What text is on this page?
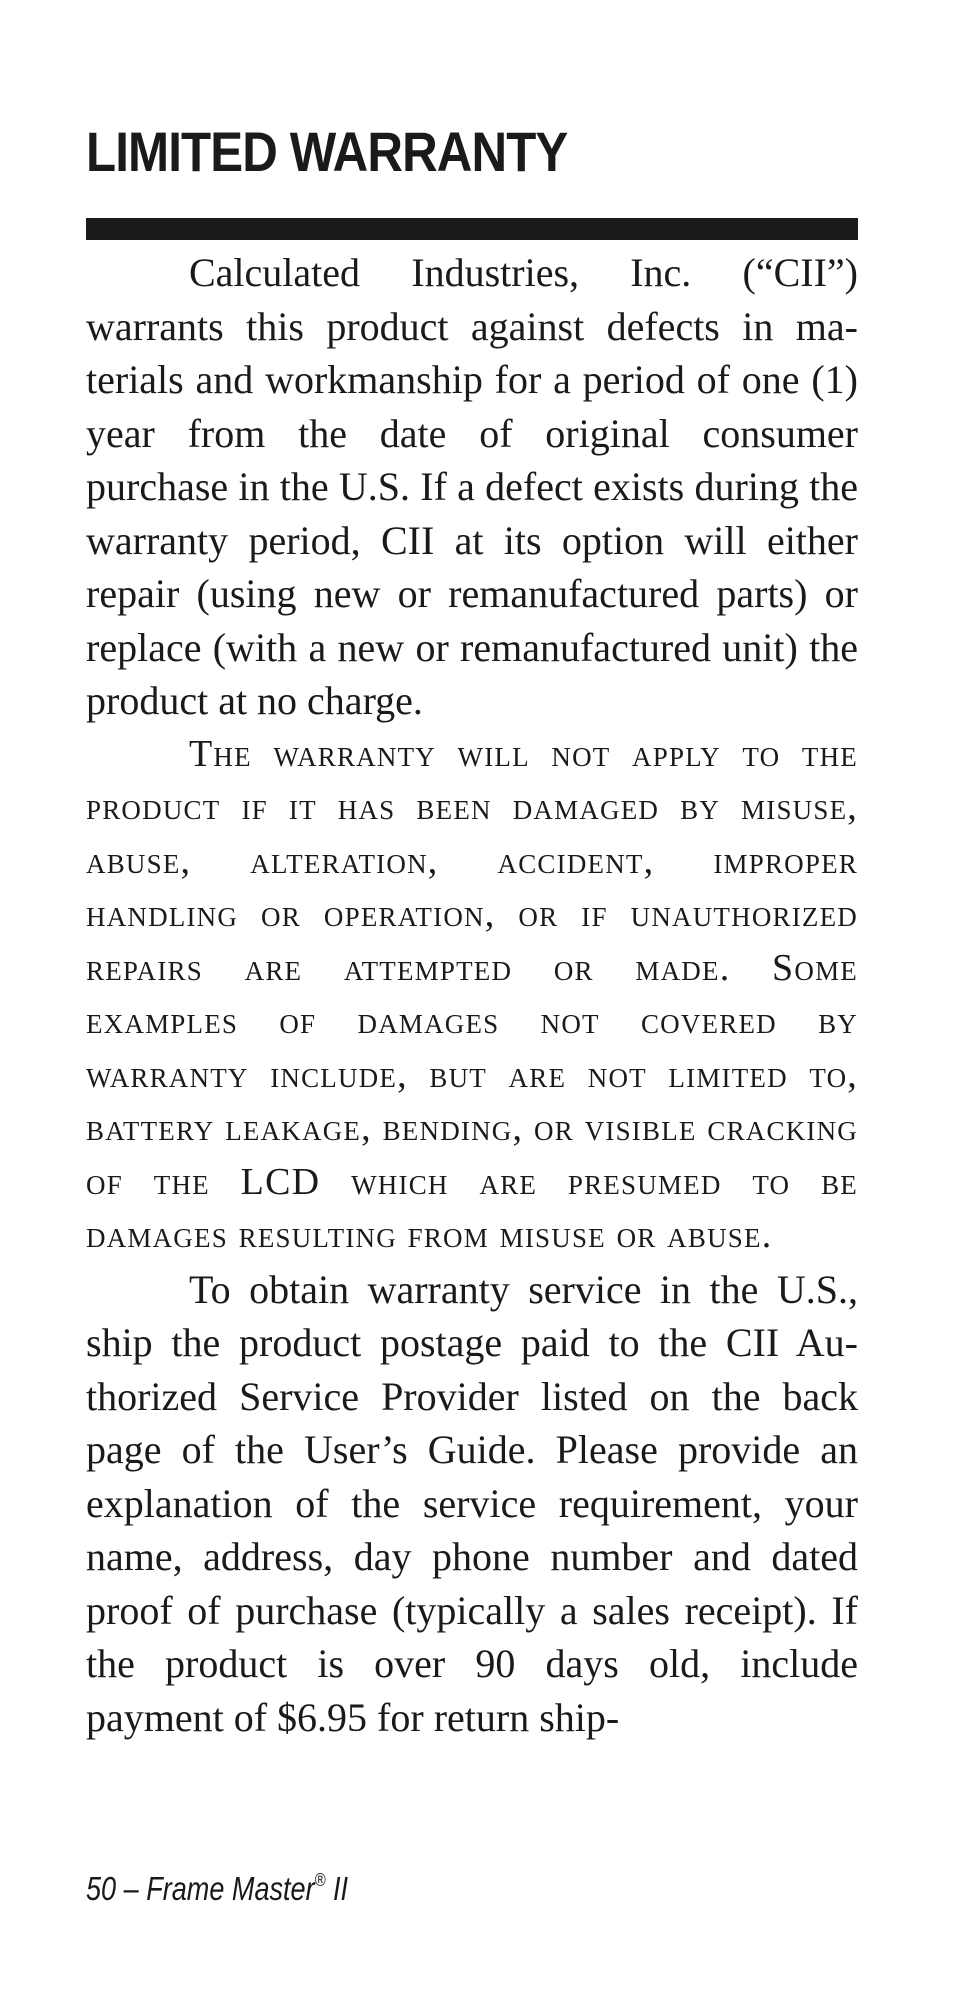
LIMITED WARRANTY

Calculated Industries, Inc. (“CII”) warrants this product against defects in materials and workmanship for a period of one (1) year from the date of original consumer purchase in the U.S. If a defect exists during the warranty period, CII at its option will either repair (using new or remanufactured parts) or replace (with a new or remanufactured unit) the product at no charge.

The warranty will not apply to the product if it has been damaged by misuse, abuse, alteration, accident, improper handling or operation, or if unauthorized repairs are attempted or made. Some examples of damages not covered by warranty include, but are not limited to, battery leakage, bending, or visible cracking of the LCD which are presumed to be damages resulting from misuse or abuse.

To obtain warranty service in the U.S., ship the product postage paid to the CII Authorized Service Provider listed on the back page of the User’s Guide. Please provide an explanation of the service requirement, your name, address, day phone number and dated proof of purchase (typically a sales receipt). If the product is over 90 days old, include payment of $6.95 for return ship-

50 – Frame Master® II
